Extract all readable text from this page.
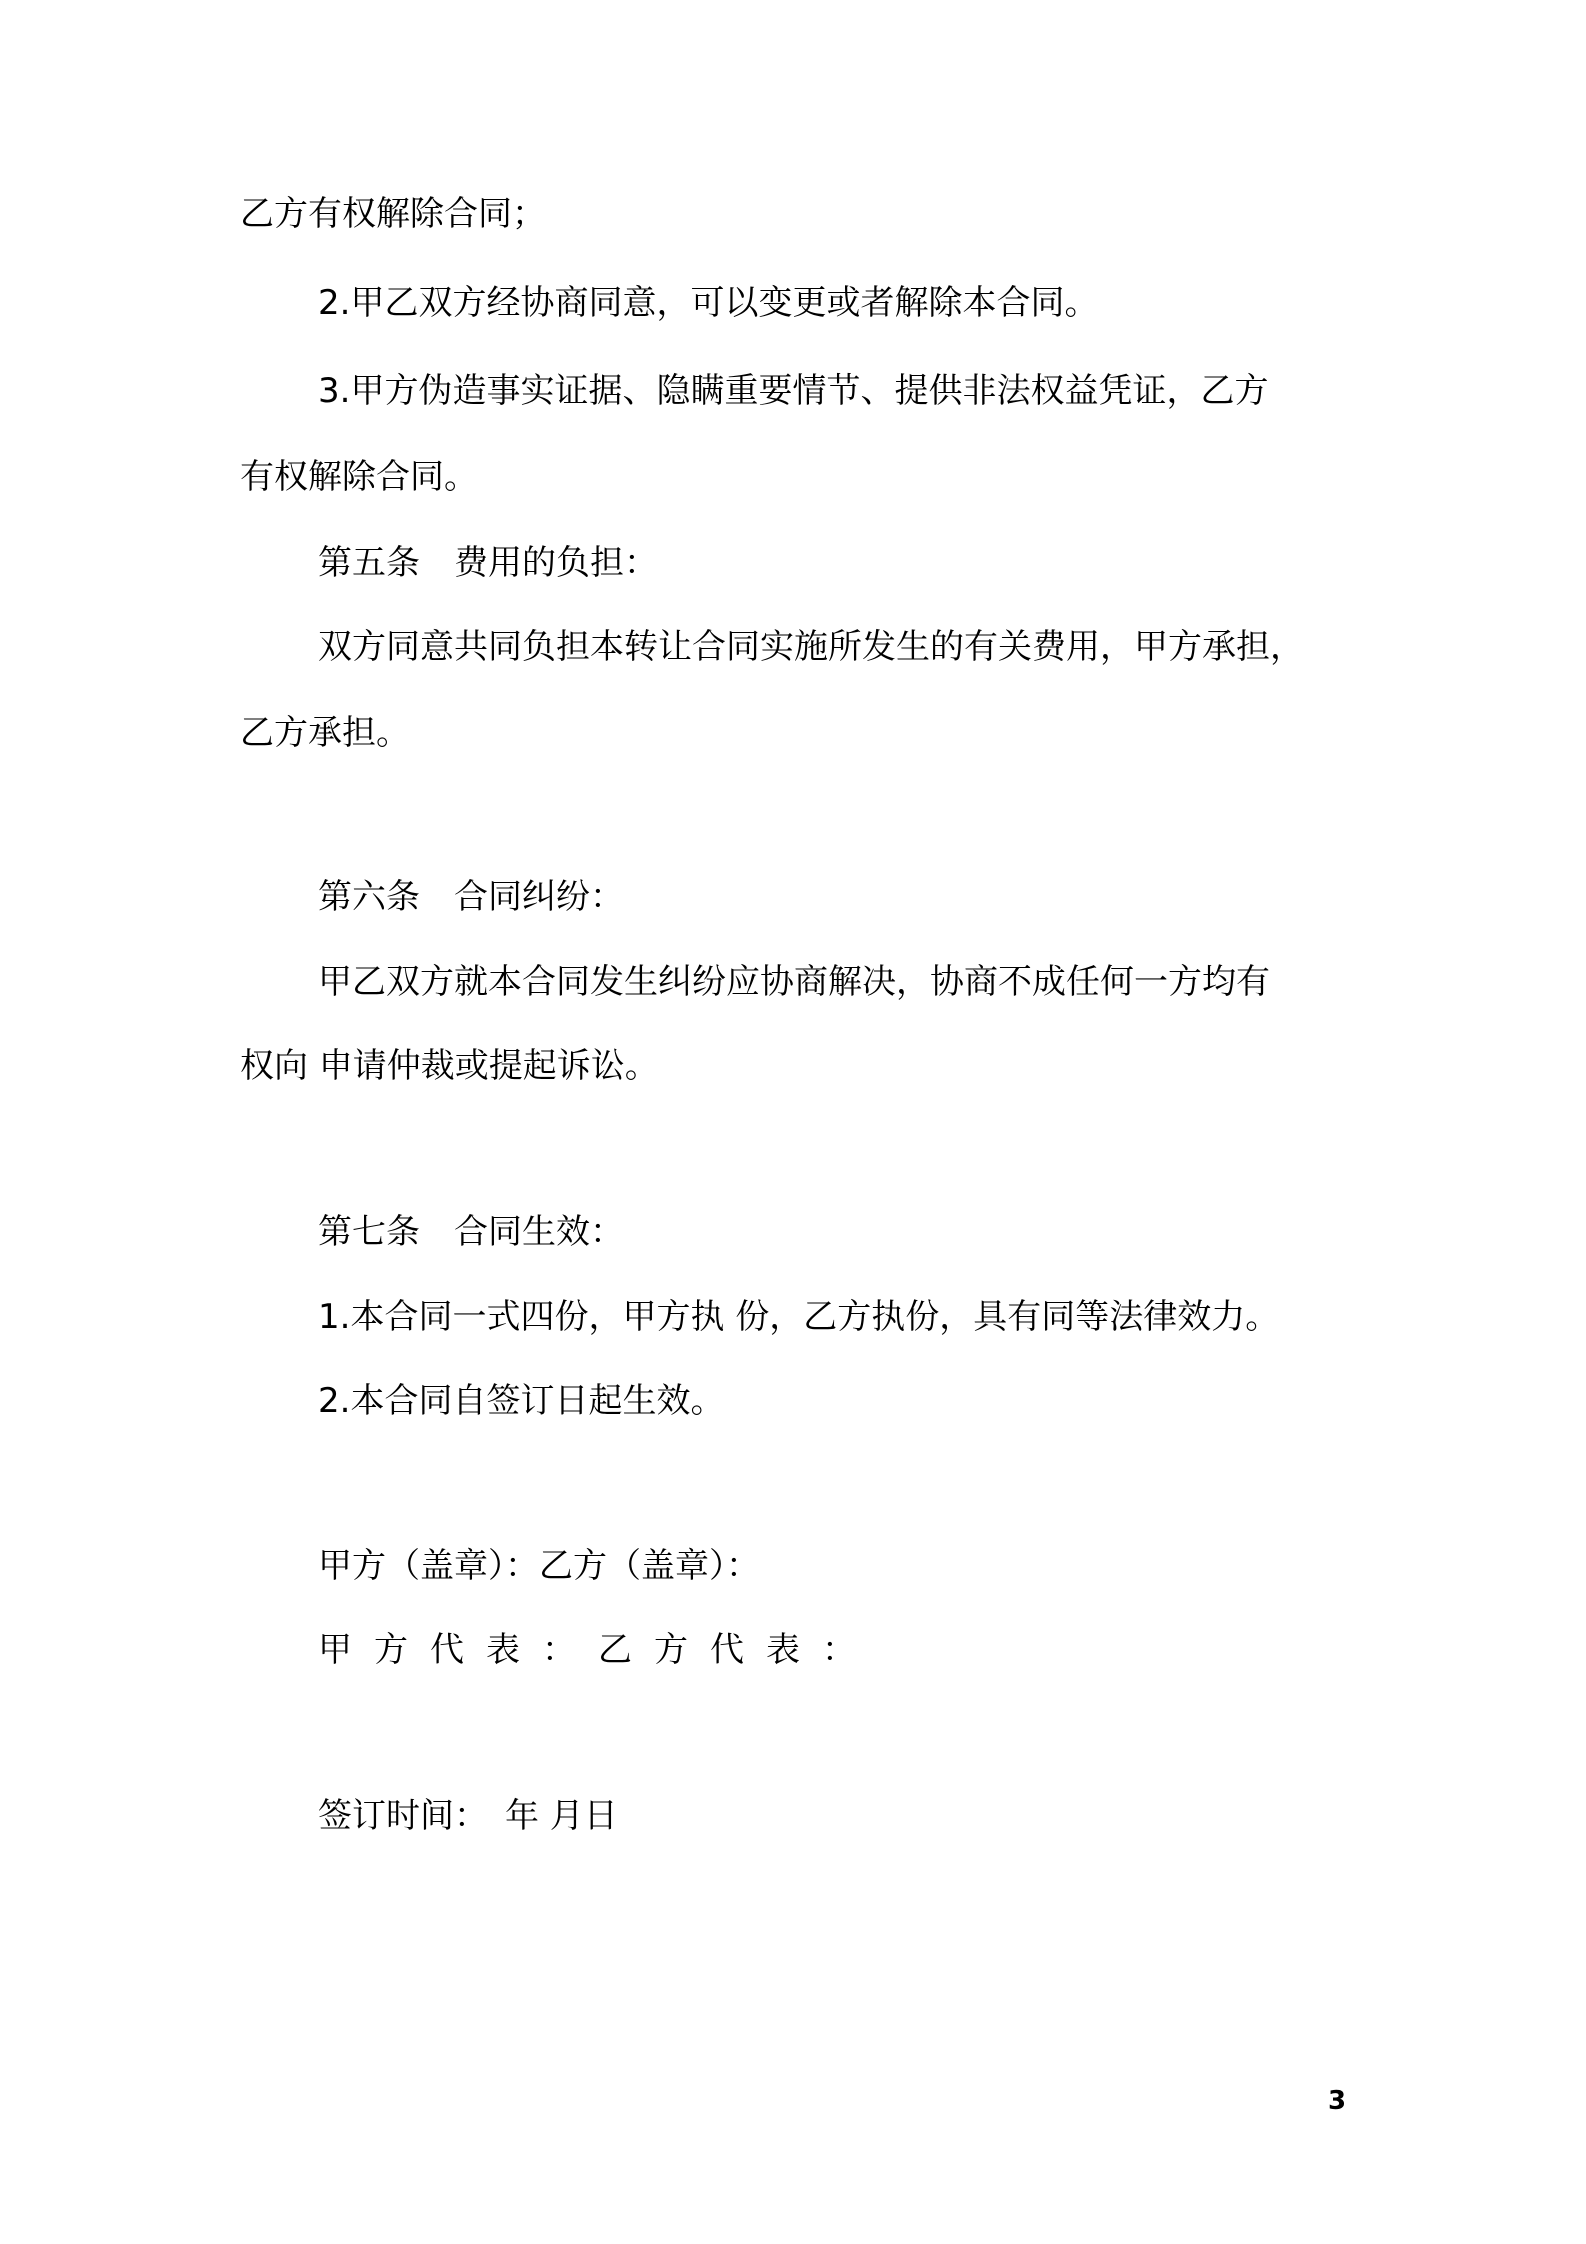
乙方有权解除合同；
2.甲乙双方经协商同意，可以变更或者解除本合同。
3.甲方伪造事实证据、隐瞒重要情节、提供非法权益凭证，乙方
有权解除合同。
第五条　费用的负担：
双方同意共同负担本转让合同实施所发生的有关费用，甲方承担，
乙方承担。
第六条　合同纠纷：
甲乙双方就本合同发生纠纷应协商解决，协商不成任何一方均有
权向 申请仲裁或提起诉讼。
第七条　合同生效：
1.本合同一式四份，甲方执 份，乙方执份，具有同等法律效力。
2.本合同自签订日起生效。
甲方（盖章）：乙方（盖章）：
甲方代表：乙方代表：
签订时间：　年 月日
3
